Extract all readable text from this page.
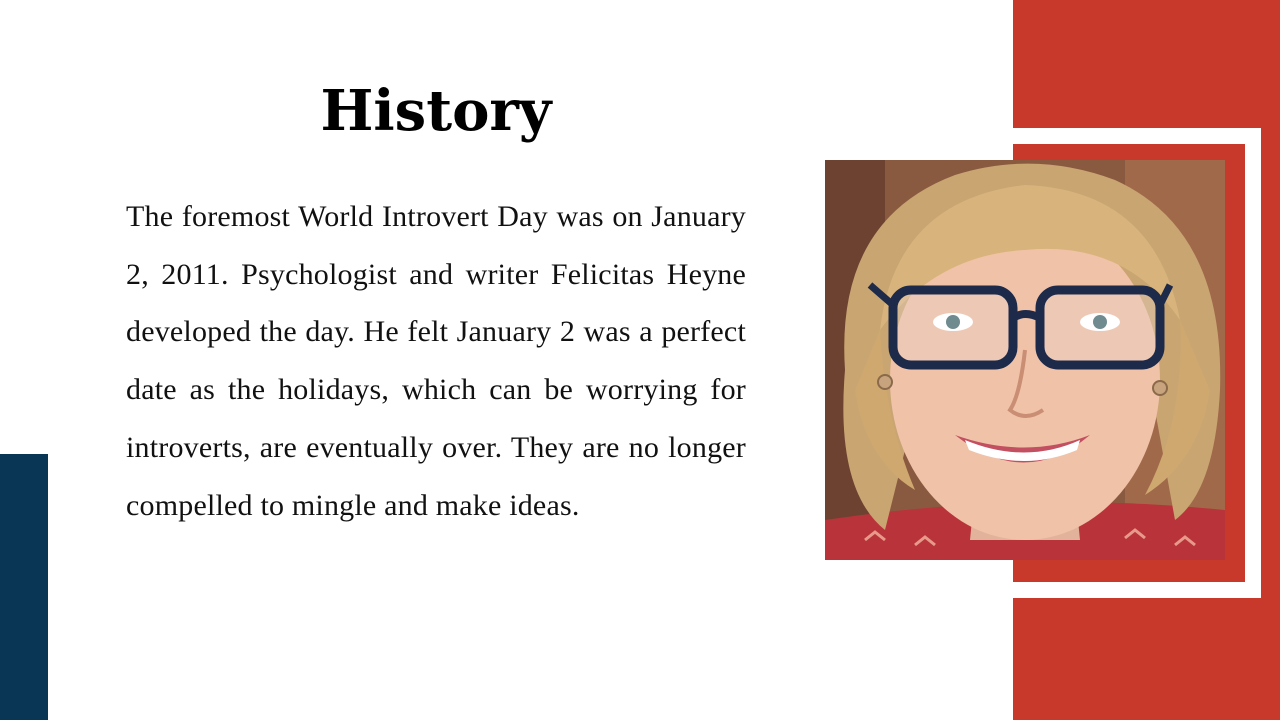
History

The foremost World Introvert Day was on January 2, 2011. Psychologist and writer Felicitas Heyne developed the day. He felt January 2 was a perfect date as the holidays, which can be worrying for introverts, are eventually over. They are no longer compelled to mingle and make ideas.
